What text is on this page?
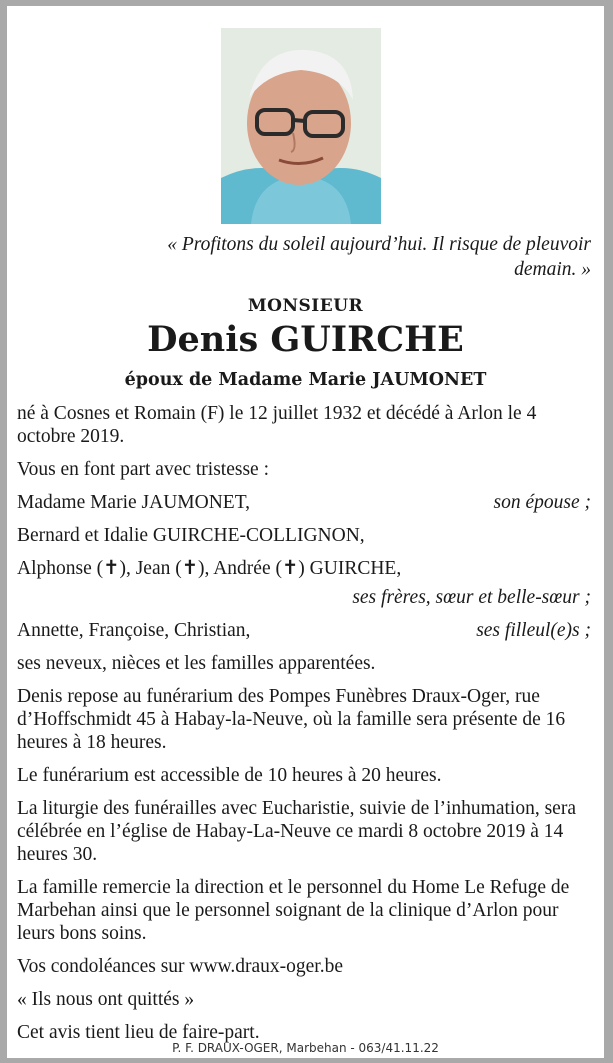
« Profitons du soleil aujourd’hui. Il risque de pleuvoir demain. »
MONSIEUR
Denis GUIRCHE
époux de Madame Marie JAUMONET

né à Cosnes et Romain (F) le 12 juillet 1932 et décédé à Arlon le 4 octobre 2019.

Vous en font part avec tristesse :

Madame Marie JAUMONET,	son épouse ;
Bernard et Idalie GUIRCHE-COLLIGNON,
Alphonse (✝), Jean (✝), Andrée (✝) GUIRCHE,
ses frères, sœur et belle-sœur ;
Annette, Françoise, Christian,	ses filleul(e)s ;

ses neveux, nièces et les familles apparentées.

Denis repose au funérarium des Pompes Funèbres Draux-Oger, rue d’Hoffschmidt 45 à Habay-la-Neuve, où la famille sera présente de 16 heures à 18 heures.

Le funérarium est accessible de 10 heures à 20 heures.

La liturgie des funérailles avec Eucharistie, suivie de l’inhumation, sera célébrée en l’église de Habay-La-Neuve ce mardi 8 octobre 2019 à 14 heures 30.

La famille remercie la direction et le personnel du Home Le Refuge de Marbehan ainsi que le personnel soignant de la clinique d’Arlon pour leurs bons soins.

Vos condoléances sur www.draux-oger.be

« Ils nous ont quittés »

Cet avis tient lieu de faire-part.

P. F. DRAUX-OGER, Marbehan - 063/41.11.22
